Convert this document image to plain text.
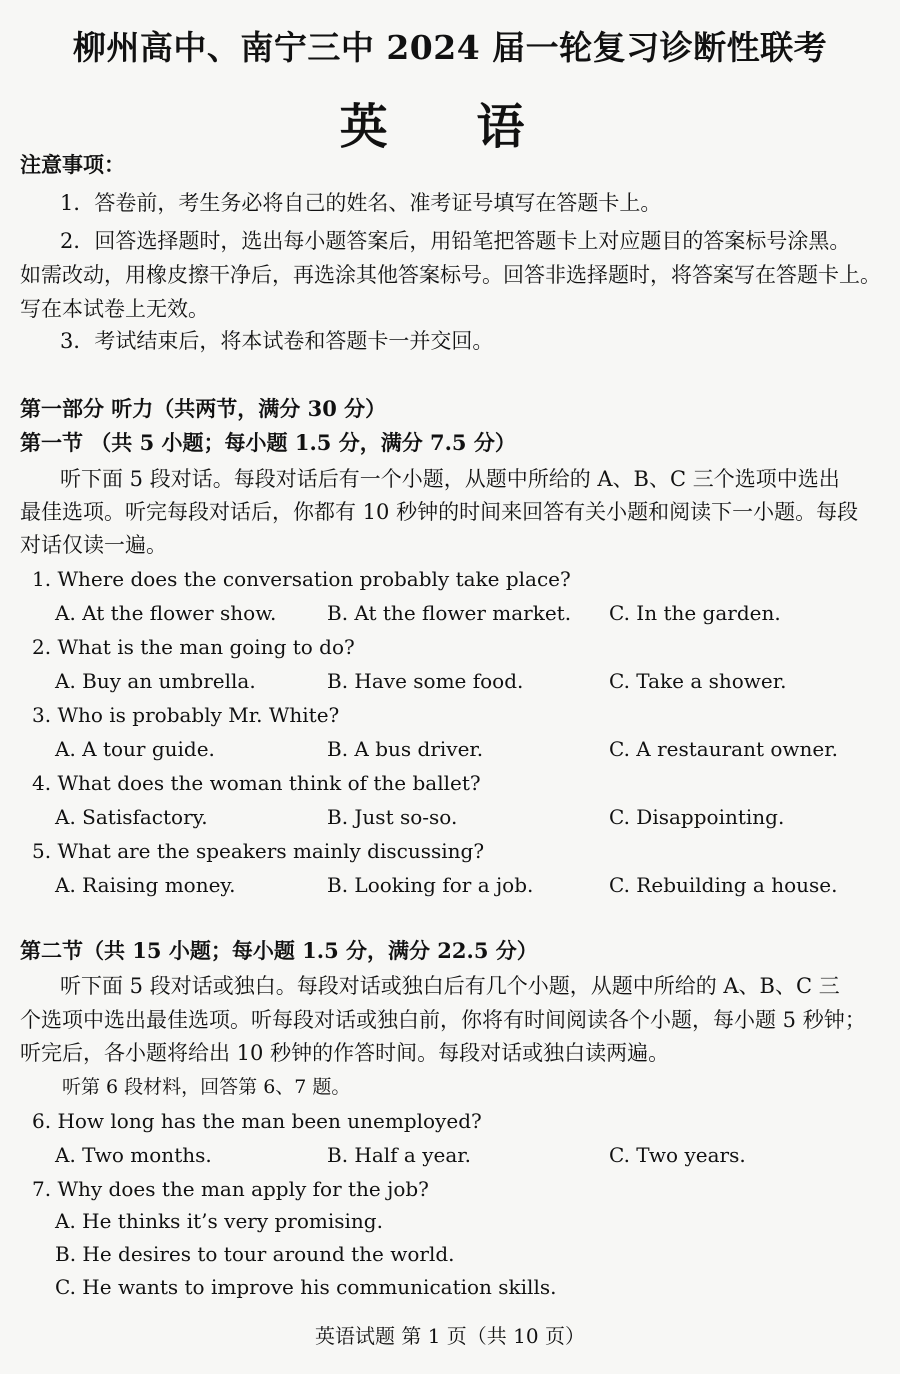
柳州高中、南宁三中 2024 届一轮复习诊断性联考
英 语
注意事项：
1．答卷前，考生务必将自己的姓名、准考证号填写在答题卡上。
2．回答选择题时，选出每小题答案后，用铅笔把答题卡上对应题目的答案标号涂黑。
如需改动，用橡皮擦干净后，再选涂其他答案标号。回答非选择题时，将答案写在答题卡上。
写在本试卷上无效。
3．考试结束后，将本试卷和答题卡一并交回。
第一部分 听力（共两节，满分 30 分）
第一节 （共 5 小题；每小题 1.5 分，满分 7.5 分）
听下面 5 段对话。每段对话后有一个小题，从题中所给的 A、B、C 三个选项中选出
最佳选项。听完每段对话后，你都有 10 秒钟的时间来回答有关小题和阅读下一小题。每段
对话仅读一遍。
1. Where does the conversation probably take place?
A. At the flower show.	B. At the flower market. C. In the garden.
2. What is the man going to do?
A. Buy an umbrella.	B. Have some food.	C. Take a shower.
3. Who is probably Mr. White?
A. A tour guide.	B. A bus driver.	C. A restaurant owner.
4. What does the woman think of the ballet?
A. Satisfactory.	B. Just so-so.	C. Disappointing.
5. What are the speakers mainly discussing?
A. Raising money.	B. Looking for a job.	C. Rebuilding a house.
第二节（共 15 小题；每小题 1.5 分，满分 22.5 分）
听下面 5 段对话或独白。每段对话或独白后有几个小题，从题中所给的 A、B、C 三
个选项中选出最佳选项。听每段对话或独白前，你将有时间阅读各个小题，每小题 5 秒钟；
听完后，各小题将给出 10 秒钟的作答时间。每段对话或独白读两遍。
听第 6 段材料，回答第 6、7 题。
6. How long has the man been unemployed?
A. Two months.	B. Half a year.	C. Two years.
7. Why does the man apply for the job?
A. He thinks it’s very promising.
B. He desires to tour around the world.
C. He wants to improve his communication skills.
英语试题 第 1 页（共 10 页）
